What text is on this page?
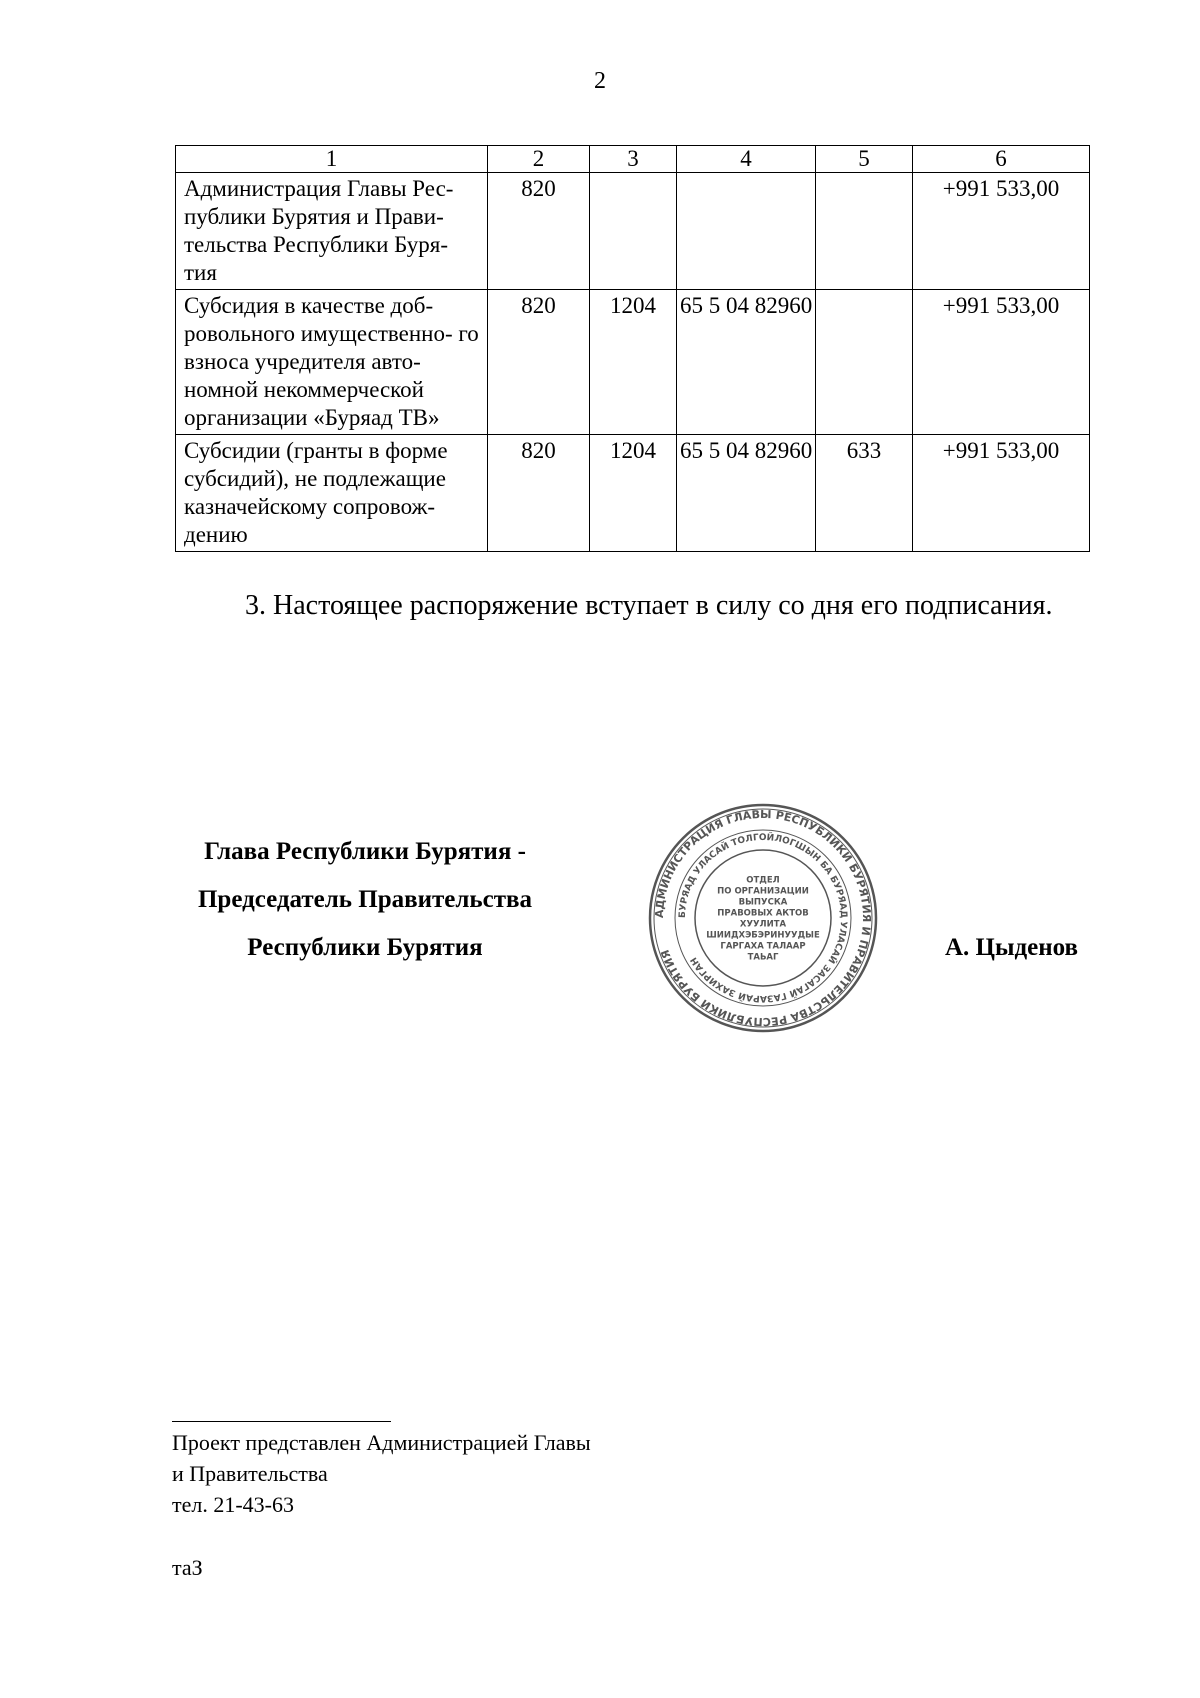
2
1	2	3	4	5	6
Администрация Главы Рес- публики Бурятия и Прави- тельства Республики Буря- тия	820				+991 533,00
Субсидия в качестве доб- ровольного имущественно- го взноса учредителя авто- номной некоммерческой организации «Буряад ТВ»	820	1204	65 5 04 82960		+991 533,00
Субсидии (гранты в форме субсидий), не подлежащие казначейскому сопровож- дению	820	1204	65 5 04 82960	633	+991 533,00
3. Настоящее распоряжение вступает в силу со дня его подписания.
Глава Республики Бурятия -
Председатель Правительства
Республики Бурятия	А. Цыденов
АДМИНИСТРАЦИЯ ГЛАВЫ РЕСПУБЛИКИ БУРЯТИЯ И ПРАВИТЕЛЬСТВА РЕСПУБЛИКИ БУРЯТИЯ
БУРЯАД УЛАСАЙ ТОЛГОЙЛОГШЫН БА БУРЯАД УЛАСАЙ ЗАСАГАЙ ГАЗАРАЙ ЗАХИРГАН
ОТДЕЛ
ПО ОРГАНИЗАЦИИ
ВЫПУСКА
ПРАВОВЫХ АКТОВ
ХУУЛИТА
ШИИДХЭБЭРИНУУДЫЕ
ГАРГАХА ТАЛААР
ТАЬАГ
Проект представлен Администрацией Главы
и Правительства
тел. 21-43-63
таЗ
